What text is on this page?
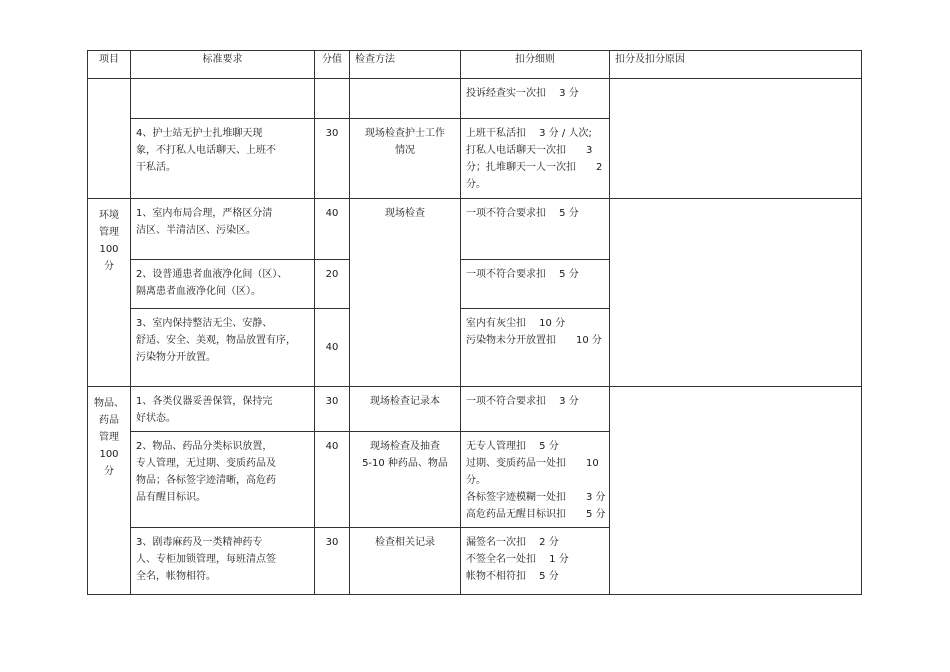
项目	标准要求	分值	检查方法	扣分细则	扣分及扣分原因

				投诉经查实一次扣　 3 分	

	4、护士站无护士扎堆聊天现
象，不打私人电话聊天、上班不
干私活。	30	现场检查护士工作
情况	上班干私活扣　 3 分 / 人次;
打私人电话聊天一次扣　　3
分；扎堆聊天一人一次扣　　2
分。	

环境
管理
100
分	1、室内布局合理，严格区分清
洁区、半清洁区、污染区。	40	现场检查	一项不符合要求扣　 5 分	

	2、设普通患者血液净化间（区）、
隔离患者血液净化间（区）。	20		一项不符合要求扣　 5 分	

	3、室内保持整洁无尘、安静、
舒适、安全、美观，物品放置有序，
污染物分开放置。	40		室内有灰尘扣　 10 分
污染物未分开放置扣　　10 分	

物品、
药品
管理
100
分	1、各类仪器妥善保管，保持完
好状态。	30	现场检查记录本	一项不符合要求扣　 3 分	

	2、物品、药品分类标识放置，
专人管理，无过期、变质药品及
物品；各标签字迹清晰，高危药
品有醒目标识。	40	现场检查及抽查
5-10 种药品、物品	无专人管理扣　 5 分
过期、变质药品一处扣　　10
分。
各标签字迹模糊一处扣　　3 分
高危药品无醒目标识扣　　5 分	

	3、剧毒麻药及一类精神药专
人、专柜加锁管理，每班清点签
全名，帐物相符。	30	检查相关记录	漏签名一次扣　 2 分
不签全名一处扣　 1 分
帐物不相符扣　 5 分	
